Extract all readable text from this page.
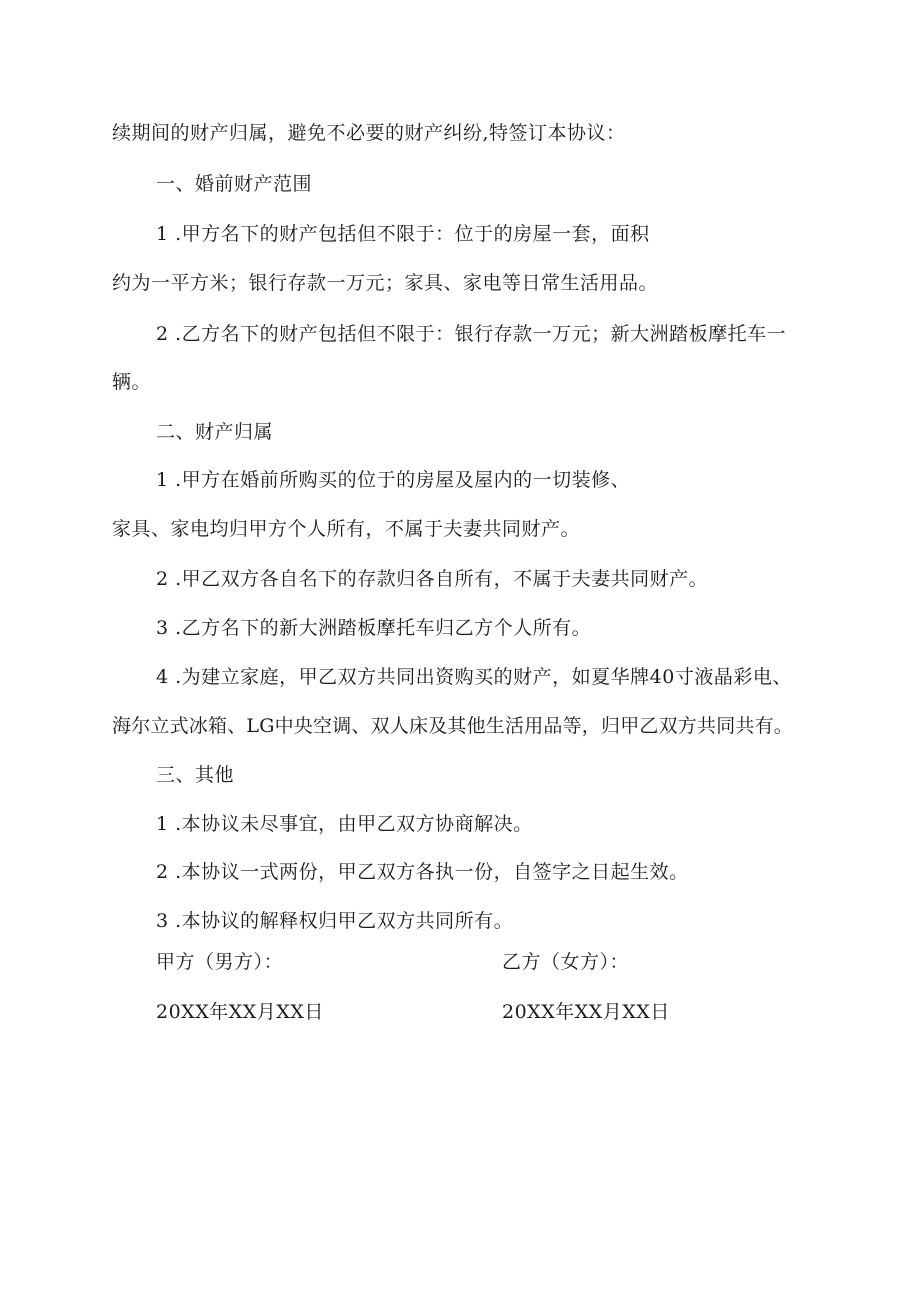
续期间的财产归属，避免不必要的财产纠纷,特签订本协议：
一、婚前财产范围
1 .甲方名下的财产包括但不限于：位于的房屋一套，面积
约为一平方米；银行存款一万元；家具、家电等日常生活用品。
2 .乙方名下的财产包括但不限于：银行存款一万元；新大洲踏板摩托车一
辆。
二、财产归属
1 .甲方在婚前所购买的位于的房屋及屋内的一切装修、
家具、家电均归甲方个人所有，不属于夫妻共同财产。
2 .甲乙双方各自名下的存款归各自所有，不属于夫妻共同财产。
3 .乙方名下的新大洲踏板摩托车归乙方个人所有。
4 .为建立家庭，甲乙双方共同出资购买的财产，如夏华牌40寸液晶彩电、
海尔立式冰箱、LG中央空调、双人床及其他生活用品等，归甲乙双方共同共有。
三、其他
1 .本协议未尽事宜，由甲乙双方协商解决。
2 .本协议一式两份，甲乙双方各执一份，自签字之日起生效。
3 .本协议的解释权归甲乙双方共同所有。
甲方（男方）：	乙方（女方）：
20XX年XX月XX日	20XX年XX月XX日
